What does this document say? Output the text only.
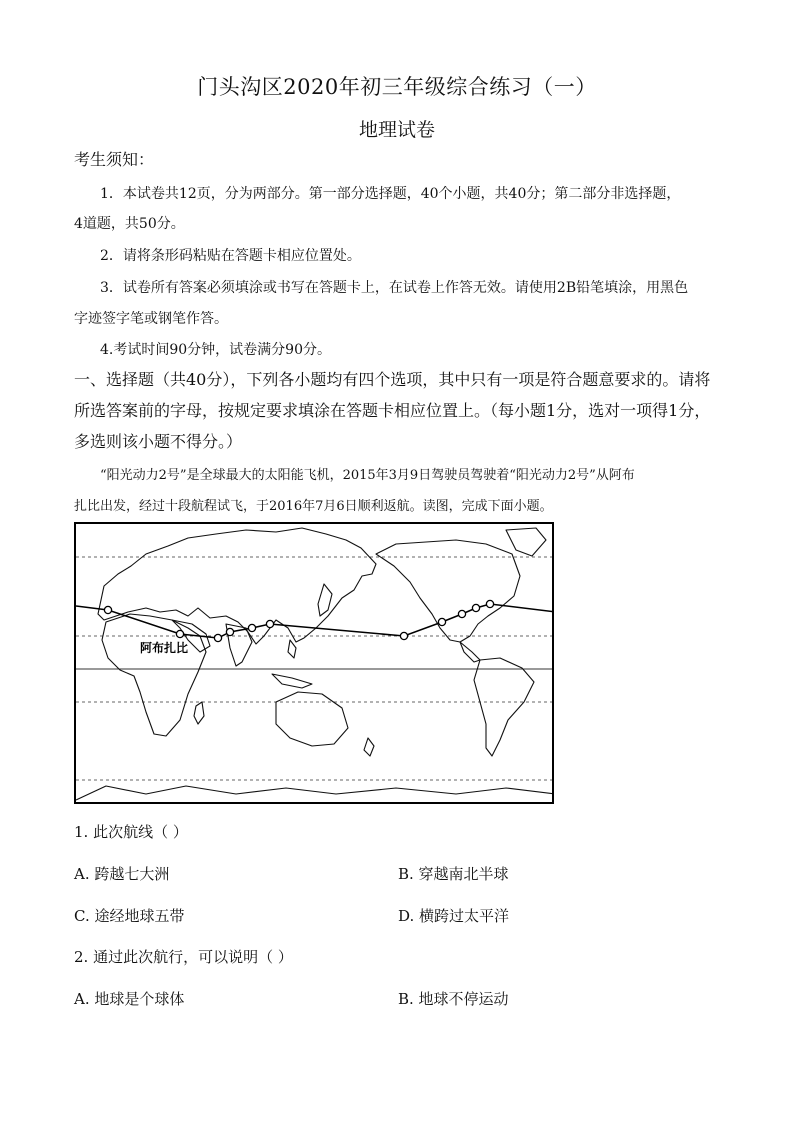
门头沟区2020年初三年级综合练习（一）
地理试卷
考生须知：
1．本试卷共12页，分为两部分。第一部分选择题，40个小题，共40分；第二部分非选择题，
4道题，共50分。
2．请将条形码粘贴在答题卡相应位置处。
3．试卷所有答案必须填涂或书写在答题卡上，在试卷上作答无效。请使用2B铅笔填涂，用黑色
字迹签字笔或钢笔作答。
4.考试时间90分钟，试卷满分90分。
一、选择题（共40分），下列各小题均有四个选项，其中只有一项是符合题意要求的。请将
所选答案前的字母，按规定要求填涂在答题卡相应位置上。（每小题1分，选对一项得1分，
多选则该小题不得分。）
“阳光动力2号”是全球最大的太阳能飞机，2015年3月9日驾驶员驾驶着“阳光动力2号”从阿布
扎比出发，经过十段航程试飞，于2016年7月6日顺利返航。读图，完成下面小题。
阿布扎比
1. 此次航线（ ）
A. 跨越七大洲	B. 穿越南北半球
C. 途经地球五带	D. 横跨过太平洋
2. 通过此次航行，可以说明（ ）
A. 地球是个球体	B. 地球不停运动
